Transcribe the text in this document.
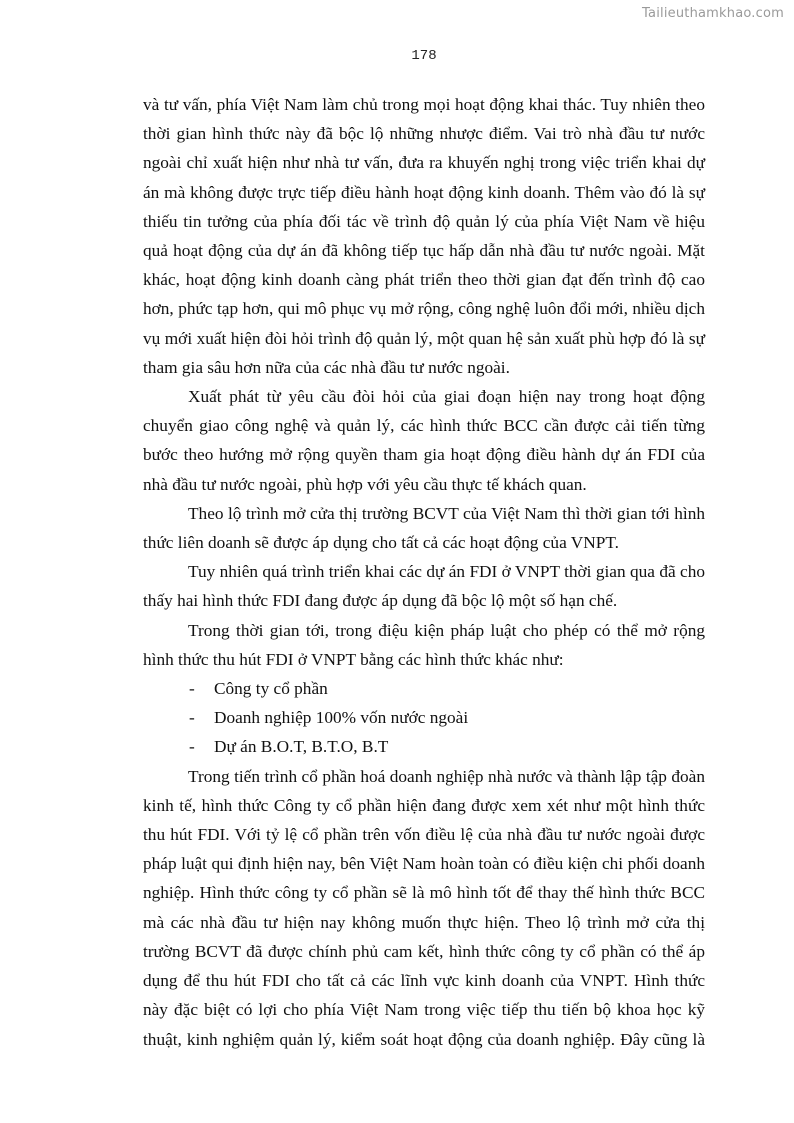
Tailieuthamkhao.com
178

và tư vấn, phía Việt Nam làm chủ trong mọi hoạt động khai thác. Tuy nhiên theo thời gian hình thức này đã bộc lộ những nhược điểm. Vai trò nhà đầu tư nước ngoài chỉ xuất hiện như nhà tư vấn, đưa ra khuyến nghị trong việc triển khai dự án mà không được trực tiếp điều hành hoạt động kinh doanh. Thêm vào đó là sự thiếu tin tưởng của phía đối tác về trình độ quản lý của phía Việt Nam về hiệu quả hoạt động của dự án đã không tiếp tục hấp dẫn nhà đầu tư nước ngoài. Mặt khác, hoạt động kinh doanh càng phát triển theo thời gian đạt đến trình độ cao hơn, phức tạp hơn, qui mô phục vụ mở rộng, công nghệ luôn đổi mới, nhiều dịch vụ mới xuất hiện đòi hỏi trình độ quản lý, một quan hệ sản xuất phù hợp đó là sự tham gia sâu hơn nữa của các nhà đầu tư nước ngoài.

Xuất phát từ yêu cầu đòi hỏi của giai đoạn hiện nay trong hoạt động chuyển giao công nghệ và quản lý, các hình thức BCC cần được cải tiến từng bước theo hướng mở rộng quyền tham gia hoạt động điều hành dự án FDI của nhà đầu tư nước ngoài, phù hợp với yêu cầu thực tế khách quan.

Theo lộ trình mở cửa thị trường BCVT của Việt Nam thì thời gian tới hình thức liên doanh sẽ được áp dụng cho tất cả các hoạt động của VNPT.

Tuy nhiên quá trình triển khai các dự án FDI ở VNPT thời gian qua đã cho thấy hai hình thức FDI đang được áp dụng đã bộc lộ một số hạn chế.

Trong thời gian tới, trong điệu kiện pháp luật cho phép có thể mở rộng hình thức thu hút FDI ở VNPT bằng các hình thức khác như:

- Công ty cổ phần
- Doanh nghiệp 100% vốn nước ngoài
- Dự án B.O.T, B.T.O, B.T

Trong tiến trình cổ phần hoá doanh nghiệp nhà nước và thành lập tập đoàn kinh tế, hình thức Công ty cổ phần hiện đang được xem xét như một hình thức thu hút FDI. Với tỷ lệ cổ phần trên vốn điều lệ của nhà đầu tư nước ngoài được pháp luật qui định hiện nay, bên Việt Nam hoàn toàn có điều kiện chi phối doanh nghiệp. Hình thức công ty cổ phần sẽ là mô hình tốt để thay thế hình thức BCC mà các nhà đầu tư hiện nay không muốn thực hiện. Theo lộ trình mở cửa thị trường BCVT đã được chính phủ cam kết, hình thức công ty cổ phần có thể áp dụng để thu hút FDI cho tất cả các lĩnh vực kinh doanh của VNPT. Hình thức này đặc biệt có lợi cho phía Việt Nam trong việc tiếp thu tiến bộ khoa học kỹ thuật, kinh nghiệm quản lý, kiểm soát hoạt động của doanh nghiệp. Đây cũng là
